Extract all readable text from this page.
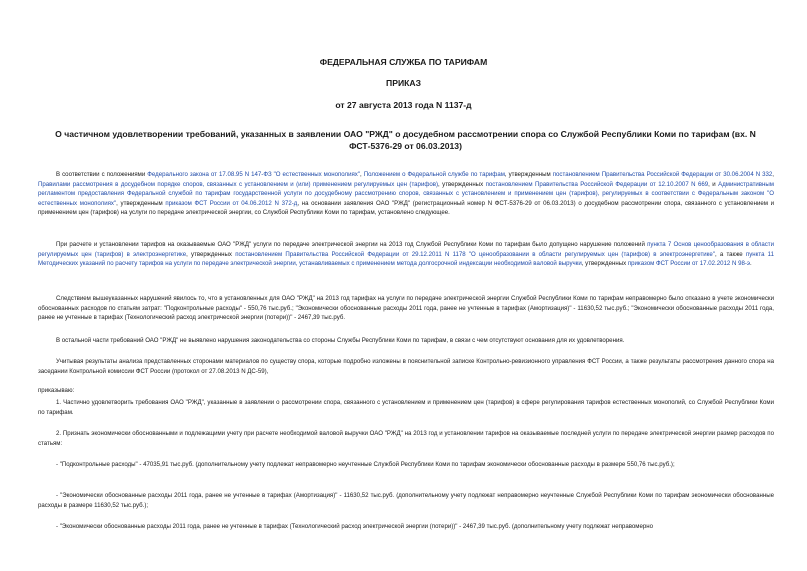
ФЕДЕРАЛЬНАЯ СЛУЖБА ПО ТАРИФАМ
ПРИКАЗ
от 27 августа 2013 года N 1137-д
О частичном удовлетворении требований, указанных в заявлении ОАО "РЖД" о досудебном рассмотрении спора со Службой Республики Коми по тарифам (вх. N ФСТ-5376-29 от 06.03.2013)

В соответствии с положениями Федерального закона от 17.08.95 N 147-ФЗ "О естественных монополиях", Положением о Федеральной службе по тарифам, утвержденным постановлением Правительства Российской Федерации от 30.06.2004 N 332, Правилами рассмотрения в досудебном порядке споров, связанных с установлением и (или) применением регулируемых цен (тарифов), утвержденных постановлением Правительства Российской Федерации от 12.10.2007 N 669, и Административным регламентом предоставления Федеральной службой по тарифам государственной услуги по досудебному рассмотрению споров, связанных с установлением и применением цен (тарифов), регулируемых в соответствии с Федеральным законом "О естественных монополиях", утвержденным приказом ФСТ России от 04.06.2012 N 372-д, на основании заявления ОАО "РЖД" (регистрационный номер N ФСТ-5376-29 от 06.03.2013) о досудебном рассмотрении спора, связанного с установлением и применением цен (тарифов) на услуги по передаче электрической энергии, со Службой Республики Коми по тарифам, установлено следующее.

При расчете и установлении тарифов на оказываемые ОАО "РЖД" услуги по передаче электрической энергии на 2013 год Службой Республики Коми по тарифам было допущено нарушение положений пункта 7 Основ ценообразования в области регулируемых цен (тарифов) в электроэнергетике, утвержденных постановлением Правительства Российской Федерации от 29.12.2011 N 1178 "О ценообразовании в области регулируемых цен (тарифов) в электроэнергетике", а также пункта 11 Методических указаний по расчету тарифов на услуги по передаче электрической энергии, устанавливаемых с применением метода долгосрочной индексации необходимой валовой выручки, утвержденных приказом ФСТ России от 17.02.2012 N 98-э.

Следствием вышеуказанных нарушений явилось то, что в установленных для ОАО "РЖД" на 2013 год тарифах на услуги по передаче электрической энергии Службой Республики Коми по тарифам неправомерно было отказано в учете экономически обоснованных расходов по статьям затрат: "Подконтрольные расходы" - 550,76 тыс.руб.; "Экономически обоснованные расходы 2011 года, ранее не учтенные в тарифах (Амортизация)" - 11630,52 тыс.руб.; "Экономически обоснованные расходы 2011 года, ранее не учтенные в тарифах (Технологический расход электрической энергии (потери))" - 2467,39 тыс.руб.

В остальной части требований ОАО "РЖД" не выявлено нарушения законодательства со стороны Службы Республики Коми по тарифам, в связи с чем отсутствуют основания для их удовлетворения.

Учитывая результаты анализа представленных сторонами материалов по существу спора, которые подробно изложены в пояснительной записке Контрольно-ревизионного управления ФСТ России, а также результаты рассмотрения данного спора на заседании Контрольной комиссии ФСТ России (протокол от 27.08.2013 N ДС-59),

приказываю:

1. Частично удовлетворить требования ОАО "РЖД", указанные в заявлении о рассмотрении спора, связанного с установлением и применением цен (тарифов) в сфере регулирования тарифов естественных монополий, со Службой Республики Коми по тарифам.

2. Признать экономически обоснованными и подлежащими учету при расчете необходимой валовой выручки ОАО "РЖД" на 2013 год и установлении тарифов на оказываемые последней услуги по передаче электрической энергии размер расходов по статьям:

- "Подконтрольные расходы" - 47035,91 тыс.руб. (дополнительному учету подлежат неправомерно неучтенные Службой Республики Коми по тарифам экономически обоснованные расходы в размере 550,76 тыс.руб.);

- "Экономически обоснованные расходы 2011 года, ранее не учтенные в тарифах (Амортизация)" - 11630,52 тыс.руб. (дополнительному учету подлежат неправомерно неучтенные Службой Республики Коми по тарифам экономически обоснованные расходы в размере 11630,52 тыс.руб.);

- "Экономически обоснованные расходы 2011 года, ранее не учтенные в тарифах (Технологический расход электрической энергии (потери))" - 2467,39 тыс.руб. (дополнительному учету подлежат неправомерно
